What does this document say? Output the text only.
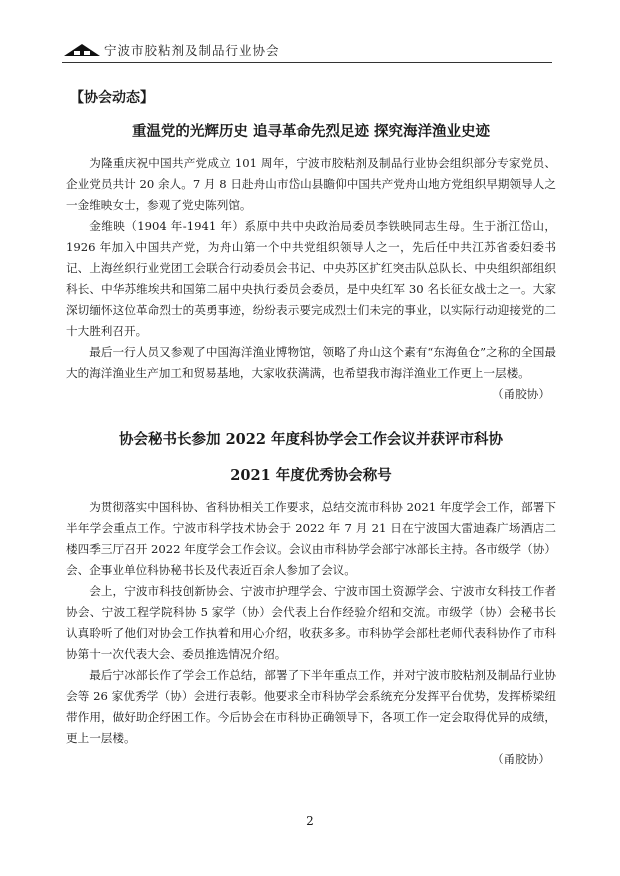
宁波市胶粘剂及制品行业协会
【协会动态】
重温党的光辉历史 追寻革命先烈足迹 探究海洋渔业史迹

为隆重庆祝中国共产党成立 101 周年，宁波市胶粘剂及制品行业协会组织部分专家党员、企业党员共计 20 余人。7 月 8 日赴舟山市岱山县瞻仰中国共产党舟山地方党组织早期领导人之一金维映女士，参观了党史陈列馆。

金维映（1904 年-1941 年）系原中共中央政治局委员李铁映同志生母。生于浙江岱山，1926 年加入中国共产党，为舟山第一个中共党组织领导人之一，先后任中共江苏省委妇委书记、上海丝织行业党团工会联合行动委员会书记、中央苏区扩红突击队总队长、中央组织部组织科长、中华苏维埃共和国第二届中央执行委员会委员，是中央红军 30 名长征女战士之一。大家深切缅怀这位革命烈士的英勇事迹，纷纷表示要完成烈士们未完的事业，以实际行动迎接党的二十大胜利召开。

最后一行人员又参观了中国海洋渔业博物馆，领略了舟山这个素有“东海鱼仓”之称的全国最大的海洋渔业生产加工和贸易基地，大家收获满满，也希望我市海洋渔业工作更上一层楼。

（甬胶协）
协会秘书长参加 2022 年度科协学会工作会议并获评市科协
2021 年度优秀协会称号

为贯彻落实中国科协、省科协相关工作要求，总结交流市科协 2021 年度学会工作，部署下半年学会重点工作。宁波市科学技术协会于 2022 年 7 月 21 日在宁波国大雷迪森广场酒店二楼四季三厅召开 2022 年度学会工作会议。会议由市科协学会部宁冰部长主持。各市级学（协）会、企事业单位科协秘书长及代表近百余人参加了会议。

会上，宁波市科技创新协会、宁波市护理学会、宁波市国土资源学会、宁波市女科技工作者协会、宁波工程学院科协 5 家学（协）会代表上台作经验介绍和交流。市级学（协）会秘书长认真聆听了他们对协会工作执着和用心介绍，收获多多。市科协学会部杜老师代表科协作了市科协第十一次代表大会、委员推选情况介绍。

最后宁冰部长作了学会工作总结，部署了下半年重点工作，并对宁波市胶粘剂及制品行业协会等 26 家优秀学（协）会进行表彰。他要求全市科协学会系统充分发挥平台优势，发挥桥梁纽带作用，做好助企纾困工作。今后协会在市科协正确领导下，各项工作一定会取得优异的成绩，更上一层楼。

（甬胶协）
2
